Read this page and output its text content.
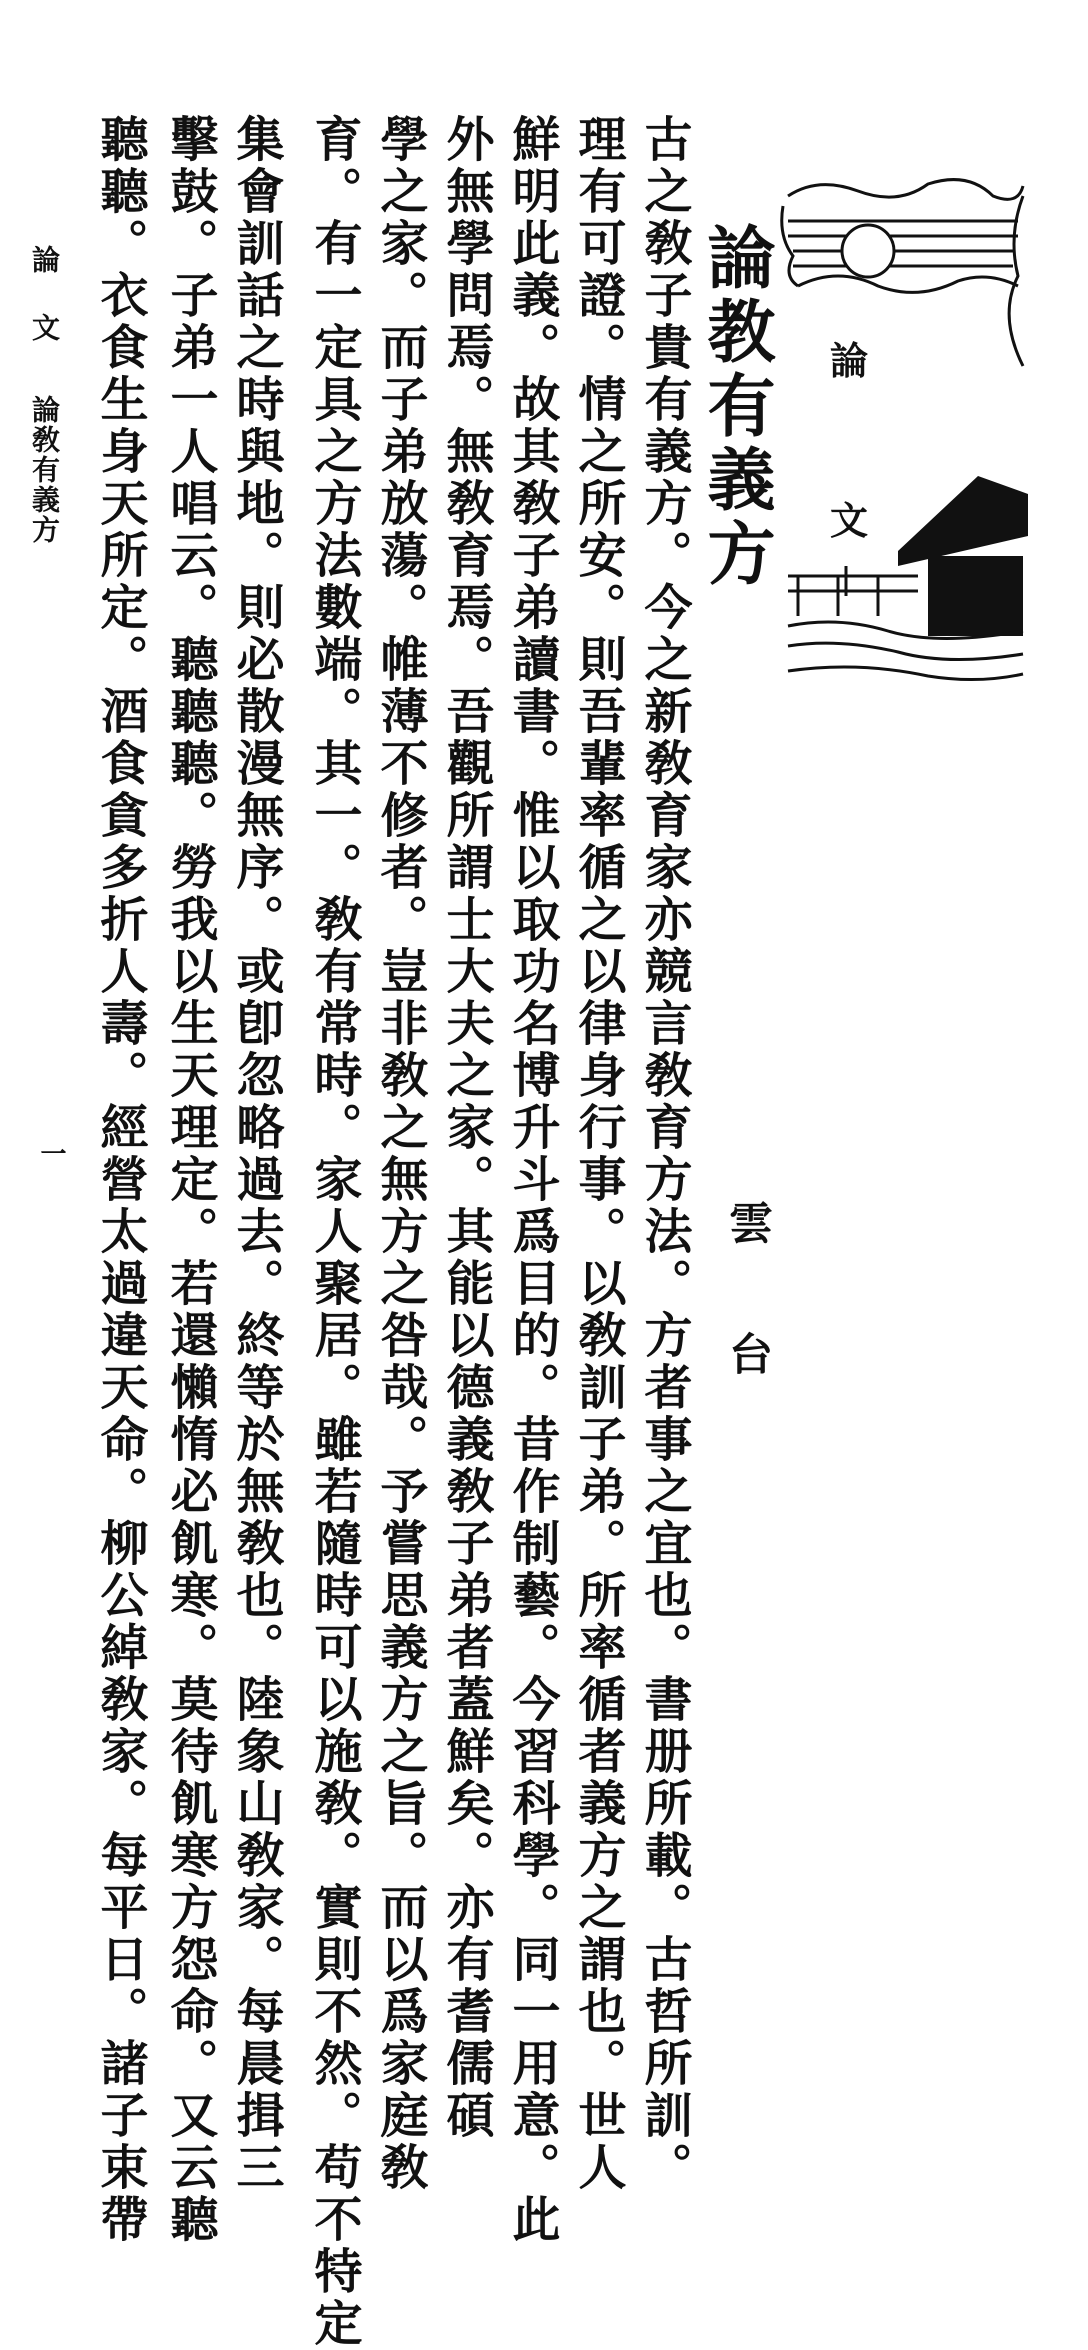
論
文
論教有義方
雲 台
古之敎子貴有義方。今之新敎育家亦競言敎育方法。方者事之宜也。書册所載。古哲所訓。
理有可證。情之所安。則吾輩率循之以律身行事。以敎訓子弟。所率循者義方之謂也。世人
鮮明此義。故其敎子弟讀書。惟以取功名博升斗爲目的。昔作制藝。今習科學。同一用意。此
外無學問焉。無敎育焉。吾觀所謂士大夫之家。其能以德義敎子弟者蓋鮮矣。亦有耆儒碩
學之家。而子弟放蕩。帷薄不修者。豈非敎之無方之咎哉。予嘗思義方之旨。而以爲家庭敎
育。有一定具之方法數端。其一。敎有常時。家人聚居。雖若隨時可以施敎。實則不然。苟不特定
集會訓話之時與地。則必散漫無序。或卽忽略過去。終等於無敎也。陸象山敎家。每晨揖三
擊鼓。子弟一人唱云。聽聽聽。勞我以生天理定。若還懶惰必飢寒。莫待飢寒方怨命。又云聽
聽聽。衣食生身天所定。酒食貪多折人壽。經營太過違天命。柳公綽敎家。每平日。諸子束帶
論文
論敎有義方
一
